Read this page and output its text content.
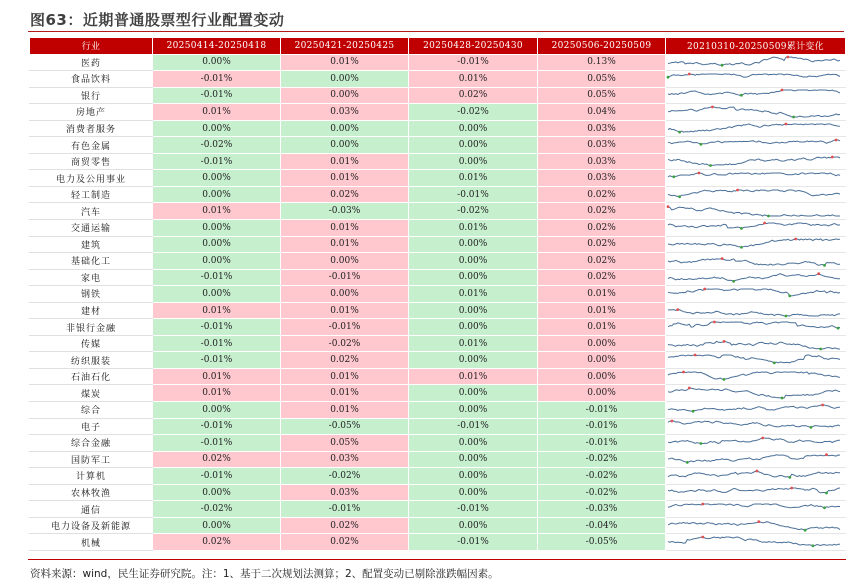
图63：近期普通股票型行业配置变动
行业	20250414-20250418	20250421-20250425	20250428-20250430	20250506-20250509	20210310-20250509累计变化
医药	0.00%	0.01%	-0.01%	0.13%	

食品饮料	-0.01%	0.00%	0.01%	0.05%	

银行	-0.01%	0.00%	0.02%	0.05%	

房地产	0.01%	0.03%	-0.02%	0.04%	

消费者服务	0.00%	0.00%	0.00%	0.03%	

有色金属	-0.02%	0.00%	0.00%	0.03%	

商贸零售	-0.01%	0.01%	0.00%	0.03%	

电力及公用事业	0.00%	0.01%	0.01%	0.03%	

轻工制造	0.00%	0.02%	-0.01%	0.02%	

汽车	0.01%	-0.03%	-0.02%	0.02%	

交通运输	0.00%	0.01%	0.01%	0.02%	

建筑	0.00%	0.01%	0.00%	0.02%	

基础化工	0.00%	0.00%	0.00%	0.02%	

家电	-0.01%	-0.01%	0.00%	0.02%	

钢铁	0.00%	0.00%	0.01%	0.01%	

建材	0.01%	0.01%	0.00%	0.01%	

非银行金融	-0.01%	-0.01%	0.00%	0.01%	

传媒	-0.01%	-0.02%	0.01%	0.00%	

纺织服装	-0.01%	0.02%	0.00%	0.00%	

石油石化	0.01%	0.01%	0.01%	0.00%	

煤炭	0.01%	0.01%	0.00%	0.00%	

综合	0.00%	0.01%	0.00%	-0.01%	

电子	-0.01%	-0.05%	-0.01%	-0.01%	

综合金融	-0.01%	0.05%	0.00%	-0.01%	

国防军工	0.02%	0.03%	0.00%	-0.02%	

计算机	-0.01%	-0.02%	0.00%	-0.02%	

农林牧渔	0.00%	0.03%	0.00%	-0.02%	

通信	-0.02%	-0.01%	-0.01%	-0.03%	

电力设备及新能源	0.00%	0.02%	0.00%	-0.04%	

机械	0.02%	0.02%	-0.01%	-0.05%	
资料来源：wind，民生证券研究院。注：1、基于二次规划法测算；2、配置变动已剔除涨跌幅因素。
